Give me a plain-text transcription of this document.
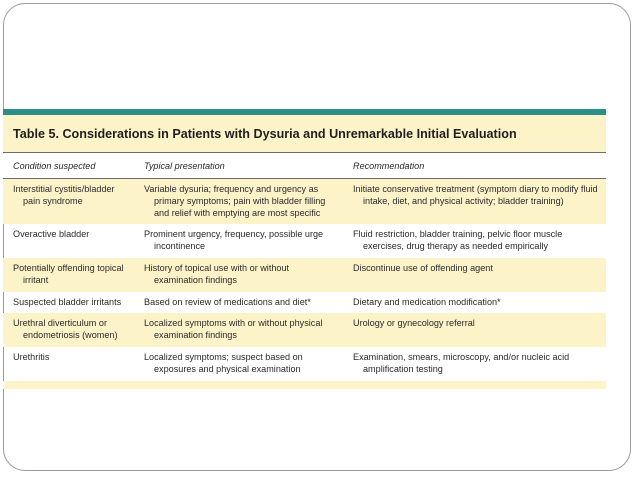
Table 5. Considerations in Patients with Dysuria and Unremarkable Initial Evaluation
Condition suspected	Typical presentation	Recommendation

Interstitial cystitis/bladder pain syndrome	Variable dysuria; frequency and urgency as primary symptoms; pain with bladder filling and relief with emptying are most specific	Initiate conservative treatment (symptom diary to modify fluid intake, diet, and physical activity; bladder training)

Overactive bladder	Prominent urgency, frequency, possible urge incontinence	Fluid restriction, bladder training, pelvic floor muscle exercises, drug therapy as needed empirically

Potentially offending topical irritant	History of topical use with or without examination findings	Discontinue use of offending agent

Suspected bladder irritants	Based on review of medications and diet*	Dietary and medication modification*

Urethral diverticulum or endometriosis (women)	Localized symptoms with or without physical examination findings	Urology or gynecology referral

Urethritis	Localized symptoms; suspect based on exposures and physical examination	Examination, smears, microscopy, and/or nucleic acid amplification testing
